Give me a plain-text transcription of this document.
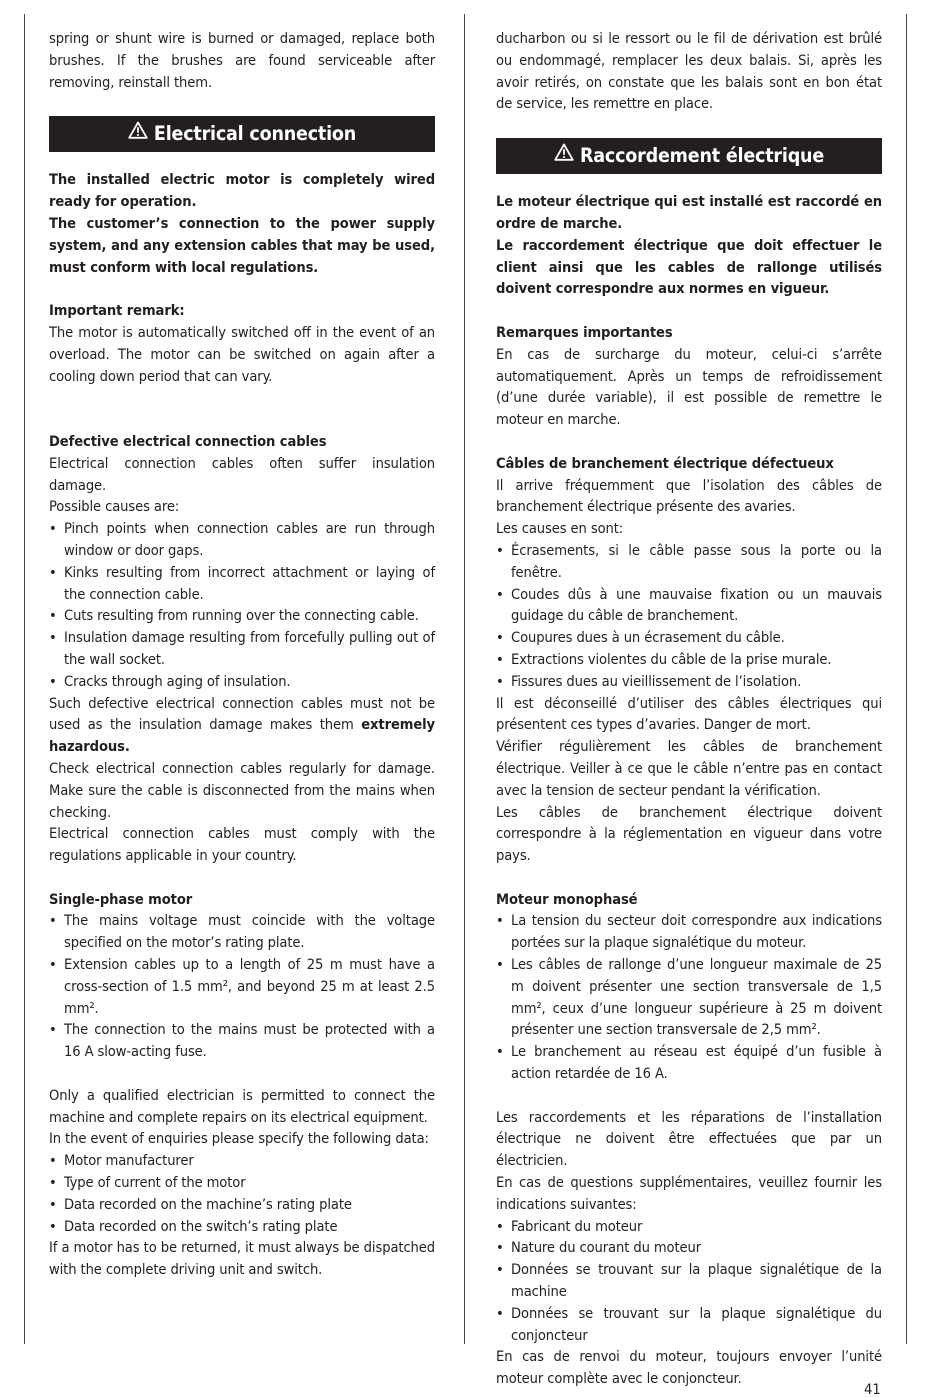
spring or shunt wire is burned or damaged, replace both brushes. If the brushes are found serviceable after removing, reinstall them.

Electrical connection

The installed electric motor is completely wired ready for operation.

The customer’s connection to the power supply system, and any extension cables that may be used, must conform with local regulations.

Important remark:

The motor is automatically switched off in the event of an overload. The motor can be switched on again after a cooling down period that can vary.

Defective electrical connection cables

Electrical connection cables often suffer insulation damage.

Possible causes are:

• Pinch points when connection cables are run through window or door gaps.
• Kinks resulting from incorrect attachment or laying of the connection cable.
• Cuts resulting from running over the connecting cable.
• Insulation damage resulting from forcefully pulling out of the wall socket.
• Cracks through aging of insulation.

Such defective electrical connection cables must not be used as the insulation damage makes them extremely hazardous.

Check electrical connection cables regularly for damage. Make sure the cable is disconnected from the mains when checking.

Electrical connection cables must comply with the regulations applicable in your country.

Single-phase motor

• The mains voltage must coincide with the voltage specified on the motor’s rating plate.
• Extension cables up to a length of 25 m must have a cross-section of 1.5 mm², and beyond 25 m at least 2.5 mm².
• The connection to the mains must be protected with a 16 A slow-acting fuse.

Only a qualified electrician is permitted to connect the machine and complete repairs on its electrical equipment.

In the event of enquiries please specify the following data:

• Motor manufacturer
• Type of current of the motor
• Data recorded on the machine’s rating plate
• Data recorded on the switch’s rating plate

If a motor has to be returned, it must always be dispatched with the complete driving unit and switch.

ducharbon ou si le ressort ou le fil de dérivation est brûlé ou endommagé, remplacer les deux balais. Si, après les avoir retirés, on constate que les balais sont en bon état de service, les remettre en place.

Raccordement électrique

Le moteur électrique qui est installé est raccordé en ordre de marche.

Le raccordement électrique que doit effectuer le client ainsi que les cables de rallonge utilisés doivent correspondre aux normes en vigueur.

Remarques importantes

En cas de surcharge du moteur, celui-ci s’arrête automatiquement. Après un temps de refroidissement (d’une durée variable), il est possible de remettre le moteur en marche.

Câbles de branchement électrique défectueux

Il arrive fréquemment que l’isolation des câbles de branchement électrique présente des avaries.

Les causes en sont:

• Écrasements, si le câble passe sous la porte ou la fenêtre.
• Coudes dûs à une mauvaise fixation ou un mauvais guidage du câble de branchement.
• Coupures dues à un écrasement du câble.
• Extractions violentes du câble de la prise murale.
• Fissures dues au vieillissement de l’isolation.

Il est déconseillé d’utiliser des câbles électriques qui présentent ces types d’avaries. Danger de mort.

Vérifier régulièrement les câbles de branchement électrique. Veiller à ce que le câble n’entre pas en contact avec la tension de secteur pendant la vérification.

Les câbles de branchement électrique doivent correspondre à la réglementation en vigueur dans votre pays.

Moteur monophasé

• La tension du secteur doit correspondre aux indications portées sur la plaque signalétique du moteur.
• Les câbles de rallonge d’une longueur maximale de 25 m doivent présenter une section transversale de 1,5 mm², ceux d’une longueur supérieure à 25 m doivent présenter une section transversale de 2,5 mm².
• Le branchement au réseau est équipé d’un fusible à action retardée de 16 A.

Les raccordements et les réparations de l’installation électrique ne doivent être effectuées que par un électricien.

En cas de questions supplémentaires, veuillez fournir les indications suivantes:

• Fabricant du moteur
• Nature du courant du moteur
• Données se trouvant sur la plaque signalétique de la machine
• Données se trouvant sur la plaque signalétique du conjoncteur

En cas de renvoi du moteur, toujours envoyer l’unité moteur complète avec le conjoncteur.

41
